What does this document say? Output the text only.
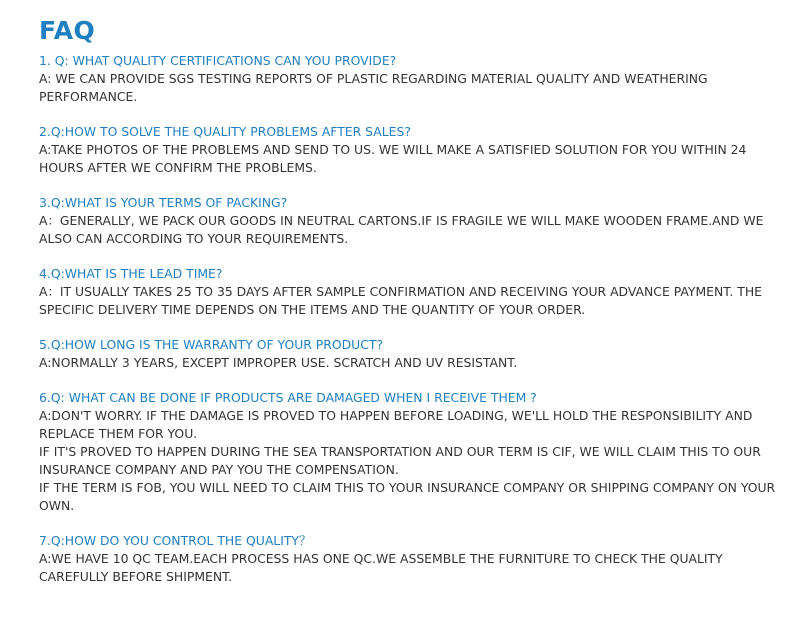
FAQ

1. Q: WHAT QUALITY CERTIFICATIONS CAN YOU PROVIDE?

A: WE CAN PROVIDE SGS TESTING REPORTS OF PLASTIC REGARDING MATERIAL QUALITY AND WEATHERING PERFORMANCE.

2.Q:HOW TO SOLVE THE QUALITY PROBLEMS AFTER SALES?

A:TAKE PHOTOS OF THE PROBLEMS AND SEND TO US. WE WILL MAKE A SATISFIED SOLUTION FOR YOU WITHIN 24 HOURS AFTER WE CONFIRM THE PROBLEMS.

3.Q:WHAT IS YOUR TERMS OF PACKING?

A：GENERALLY, WE PACK OUR GOODS IN NEUTRAL CARTONS.IF IS FRAGILE WE WILL MAKE WOODEN FRAME.AND WE ALSO CAN ACCORDING TO YOUR REQUIREMENTS.

4.Q:WHAT IS THE LEAD TIME?

A：IT USUALLY TAKES 25 TO 35 DAYS AFTER SAMPLE CONFIRMATION AND RECEIVING YOUR ADVANCE PAYMENT. THE SPECIFIC DELIVERY TIME DEPENDS ON THE ITEMS AND THE QUANTITY OF YOUR ORDER.

5.Q:HOW LONG IS THE WARRANTY OF YOUR PRODUCT?

A:NORMALLY 3 YEARS, EXCEPT IMPROPER USE. SCRATCH AND UV RESISTANT.

6.Q: WHAT CAN BE DONE IF PRODUCTS ARE DAMAGED WHEN I RECEIVE THEM ?

A:DON'T WORRY. IF THE DAMAGE IS PROVED TO HAPPEN BEFORE LOADING, WE'LL HOLD THE RESPONSIBILITY AND REPLACE THEM FOR YOU.

IF IT'S PROVED TO HAPPEN DURING THE SEA TRANSPORTATION AND OUR TERM IS CIF, WE WILL CLAIM THIS TO OUR INSURANCE COMPANY AND PAY YOU THE COMPENSATION.

IF THE TERM IS FOB, YOU WILL NEED TO CLAIM THIS TO YOUR INSURANCE COMPANY OR SHIPPING COMPANY ON YOUR OWN.

7.Q:HOW DO YOU CONTROL THE QUALITY？

A:WE HAVE 10 QC TEAM.EACH PROCESS HAS ONE QC.WE ASSEMBLE THE FURNITURE TO CHECK THE QUALITY CAREFULLY BEFORE SHIPMENT.
